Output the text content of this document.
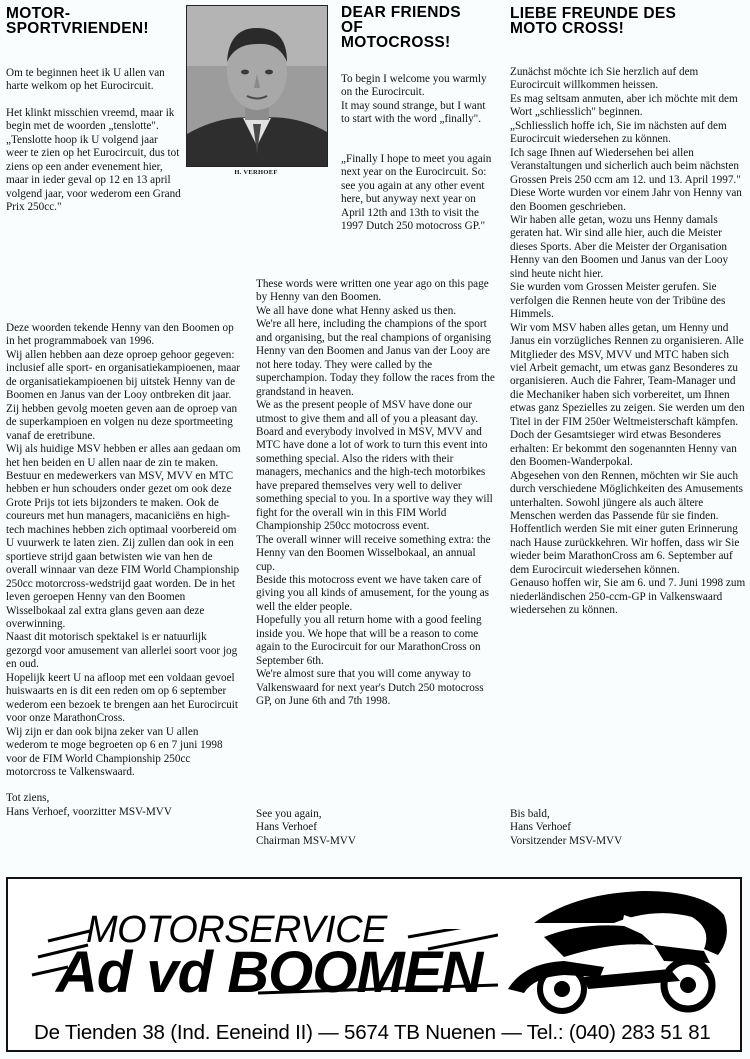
MOTOR-
SPORTVRIENDEN!

Om te beginnen heet ik U allen van harte welkom op het Eurocircuit.

Het klinkt misschien vreemd, maar ik begin met de woorden „tenslotte".

„Tenslotte hoop ik U volgend jaar weer te zien op het Eurocircuit, dus tot ziens op een ander evenement hier, maar in ieder geval op 12 en 13 april volgend jaar, voor wederom een Grand Prix 250cc."

Deze woorden tekende Henny van den Boomen op in het programmaboek van 1996.

Wij allen hebben aan deze oproep gehoor gegeven: inclusief alle sport- en organisatiekampioenen, maar de organisatiekampioenen bij uitstek Henny van de Boomen en Janus van der Looy ontbreken dit jaar. Zij hebben gevolg moeten geven aan de oproep van de superkampioen en volgen nu deze sportmeeting vanaf de eretribune.

Wij als huidige MSV hebben er alles aan gedaan om het hen beiden en U allen naar de zin te maken. Bestuur en medewerkers van MSV, MVV en MTC hebben er hun schouders onder gezet om ook deze Grote Prijs tot iets bijzonders te maken. Ook de coureurs met hun managers, macaniciëns en high-tech machines hebben zich optimaal voorbereid om U vuurwerk te laten zien. Zij zullen dan ook in een sportieve strijd gaan betwisten wie van hen de overall winnaar van deze FIM World Championship 250cc motorcross-wedstrijd gaat worden. De in het leven geroepen Henny van den Boomen Wisselbokaal zal extra glans geven aan deze overwinning.

Naast dit motorisch spektakel is er natuurlijk gezorgd voor amusement van allerlei soort voor jog en oud.

Hopelijk keert U na afloop met een voldaan gevoel huiswaarts en is dit een reden om op 6 september wederom een bezoek te brengen aan het Eurocircuit voor onze MarathonCross.

Wij zijn er dan ook bijna zeker van U allen wederom te moge begroeten op 6 en 7 juni 1998 voor de FIM World Championship 250cc motorcross te Valkenswaard.

Tot ziens,

Hans Verhoef, voorzitter MSV-MVV

H. VERHOEF
DEAR FRIENDS
OF
MOTOCROSS!

To begin I welcome you warmly on the Eurocircuit.

It may sound strange, but I want to start with the word „finally".

These words were written one year ago on this page by Henny van den Boomen.

We all have done what Henny asked us then.

We're all here, including the champions of the sport and organising, but the real champions of organising Henny van den Boomen and Janus van der Looy are not here today. They were called by the superchampion. Today they follow the races from the grandstand in heaven.

We as the present people of MSV have done our utmost to give them and all of you a pleasant day. Board and everybody involved in MSV, MVV and MTC have done a lot of work to turn this event into something special. Also the riders with their managers, mechanics and the high-tech motorbikes have prepared themselves very well to deliver something special to you. In a sportive way they will fight for the overall win in this FIM World Championship 250cc motocross event.

The overall winner will receive something extra: the Henny van den Boomen Wisselbokaal, an annual cup.

Beside this motocross event we have taken care of giving you all kinds of amusement, for the young as well the elder people.

Hopefully you all return home with a good feeling inside you. We hope that will be a reason to come again to the Eurocircuit for our MarathonCross on September 6th.

We're almost sure that you will come anyway to Valkenswaard for next year's Dutch 250 motocross GP, on June 6th and 7th 1998.

„Finally I hope to meet you again next year on the Eurocircuit. So: see you again at any other event here, but anyway next year on April 12th and 13th to visit the 1997 Dutch 250 motocross GP."

See you again,

Hans Verhoef

Chairman MSV-MVV

LIEBE FREUNDE DES
MOTO CROSS!

Zunächst möchte ich Sie herzlich auf dem Eurocircuit willkommen heissen.

Es mag seltsam anmuten, aber ich möchte mit dem Wort „schliesslich" beginnen.

„Schliesslich hoffe ich, Sie im nächsten auf dem Eurocircuit wiedersehen zu können.

Ich sage Ihnen auf Wiedersehen bei allen Veranstaltungen und sicherlich auch beim nächsten Grossen Preis 250 ccm am 12. und 13. April 1997."

Diese Worte wurden vor einem Jahr von Henny van den Boomen geschrieben.

Wir haben alle getan, wozu uns Henny damals geraten hat. Wir sind alle hier, auch die Meister dieses Sports. Aber die Meister der Organisation Henny van den Boomen und Janus van der Looy sind heute nicht hier.

Sie wurden vom Grossen Meister gerufen. Sie verfolgen die Rennen heute von der Tribüne des Himmels.

Wir vom MSV haben alles getan, um Henny und Janus ein vorzügliches Rennen zu organisieren. Alle Mitglieder des MSV, MVV und MTC haben sich viel Arbeit gemacht, um etwas ganz Besonderes zu organisieren. Auch die Fahrer, Team-Manager und die Mechaniker haben sich vorbereitet, um Ihnen etwas ganz Spezielles zu zeigen. Sie werden um den Titel in der FIM 250er Weltmeisterschaft kämpfen.

Doch der Gesamtsieger wird etwas Besonderes erhalten: Er bekommt den sogenannten Henny van den Boomen-Wanderpokal.

Abgesehen von den Rennen, möchten wir Sie auch durch verschiedene Möglichkeiten des Amusements unterhalten. Sowohl jüngere als auch ältere Menschen werden das Passende für sie finden.

Hoffentlich werden Sie mit einer guten Erinnerung nach Hause zurückkehren. Wir hoffen, dass wir Sie wieder beim MarathonCross am 6. September auf dem Eurocircuit wiedersehen können.

Genauso hoffen wir, Sie am 6. und 7. Juni 1998 zum niederländischen 250-ccm-GP in Valkenswaard wiedersehen zu können.

Bis bald,

Hans Verhoef

Vorsitzender MSV-MVV

MOTORSERVICE
Ad vd BOOMEN
De Tienden 38 (Ind. Eeneind II) — 5674 TB Nuenen — Tel.: (040) 283 51 81
